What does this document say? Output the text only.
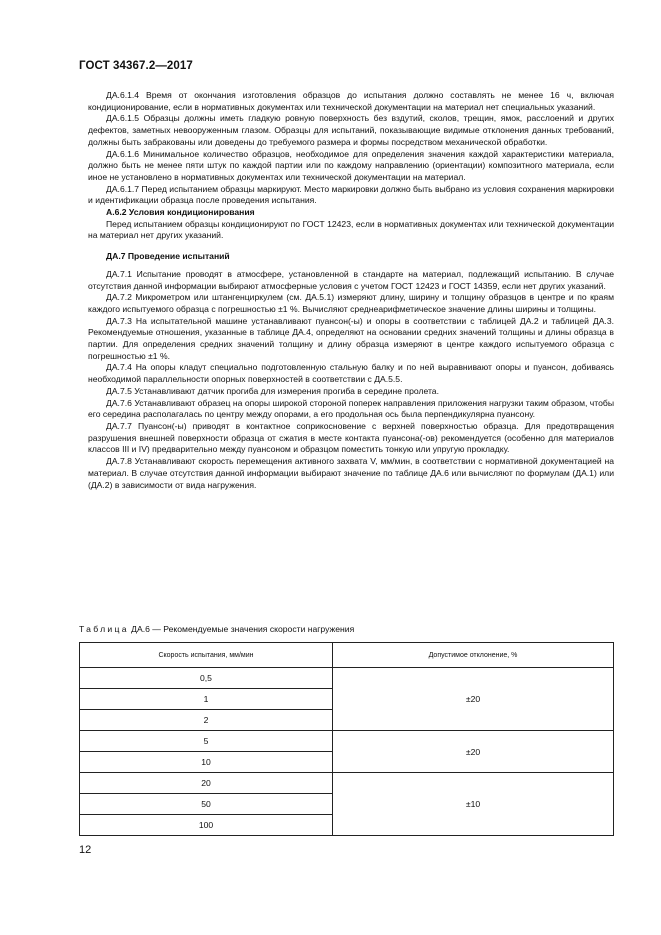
ГОСТ 34367.2—2017

ДА.6.1.4 Время от окончания изготовления образцов до испытания должно составлять не менее 16 ч, включая кондиционирование, если в нормативных документах или технической документации на материал нет специальных указаний.

ДА.6.1.5 Образцы должны иметь гладкую ровную поверхность без вздутий, сколов, трещин, ямок, расслоений и других дефектов, заметных невооруженным глазом. Образцы для испытаний, показывающие видимые отклонения данных требований, должны быть забракованы или доведены до требуемого размера и формы посредством механической обработки.

ДА.6.1.6 Минимальное количество образцов, необходимое для определения значения каждой характеристики материала, должно быть не менее пяти штук по каждой партии или по каждому направлению (ориентации) композитного материала, если иное не установлено в нормативных документах или технической документации на материал.

ДА.6.1.7 Перед испытанием образцы маркируют. Место маркировки должно быть выбрано из условия сохранения маркировки и идентификации образца после проведения испытания.

А.6.2 Условия кондиционирования

Перед испытанием образцы кондиционируют по ГОСТ 12423, если в нормативных документах или технической документации на материал нет других указаний.

ДА.7 Проведение испытаний

ДА.7.1 Испытание проводят в атмосфере, установленной в стандарте на материал, подлежащий испытанию. В случае отсутствия данной информации выбирают атмосферные условия с учетом ГОСТ 12423 и ГОСТ 14359, если нет других указаний.

ДА.7.2 Микрометром или штангенциркулем (см. ДА.5.1) измеряют длину, ширину и толщину образцов в центре и по краям каждого испытуемого образца с погрешностью ±1 %. Вычисляют среднеарифметическое значение длины ширины и толщины.

ДА.7.3 На испытательной машине устанавливают пуансон(-ы) и опоры в соответствии с таблицей ДА.2 и таблицей ДА.3. Рекомендуемые отношения, указанные в таблице ДА.4, определяют на основании средних значений толщины и длины образца в партии. Для определения средних значений толщину и длину образца измеряют в центре каждого испытуемого образца с погрешностью ±1 %.

ДА.7.4 На опоры кладут специально подготовленную стальную балку и по ней выравнивают опоры и пуансон, добиваясь необходимой параллельности опорных поверхностей в соответствии с ДА.5.5.

ДА.7.5 Устанавливают датчик прогиба для измерения прогиба в середине пролета.

ДА.7.6 Устанавливают образец на опоры широкой стороной поперек направления приложения нагрузки таким образом, чтобы его середина располагалась по центру между опорами, а его продольная ось была перпендикулярна пуансону.

ДА.7.7 Пуансон(-ы) приводят в контактное соприкосновение с верхней поверхностью образца. Для предотвращения разрушения внешней поверхности образца от сжатия в месте контакта пуансона(-ов) рекомендуется (особенно для материалов классов III и IV) предварительно между пуансоном и образцом поместить тонкую или упругую прокладку.

ДА.7.8 Устанавливают скорость перемещения активного захвата V, мм/мин, в соответствии с нормативной документацией на материал. В случае отсутствия данной информации выбирают значение по таблице ДА.6 или вычисляют по формулам (ДА.1) или (ДА.2) в зависимости от вида нагружения.

Таблица ДА.6 — Рекомендуемые значения скорости нагружения
Скорость испытания, мм/мин	Допустимое отклонение, %
0,5	±20
1	
2	
5	±20
10	
20	±10
50	
100	
12
